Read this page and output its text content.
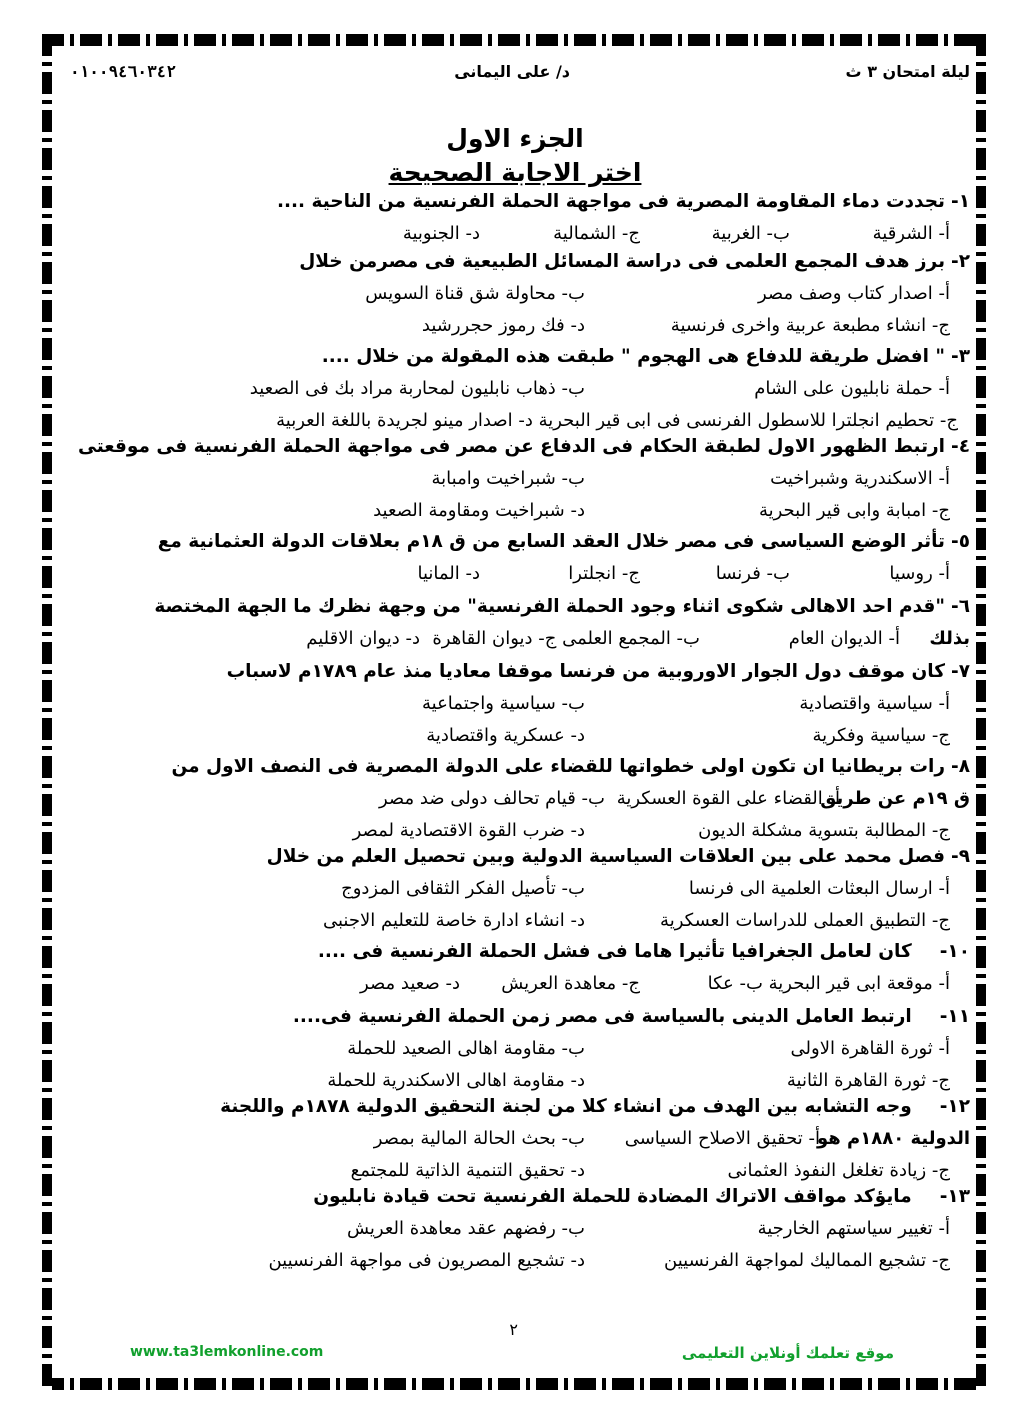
ليلة امتحان ٣ ث
د/ على اليمانى
٠١٠٠٩٤٦٠٣٤٢
الجزء الاول
اختر الاجابة الصحيحة
١-تجددت دماء المقاومة المصرية فى مواجهة الحملة الفرنسية من الناحية ....
أ- الشرقية
ب- الغربية
ج- الشمالية
د- الجنوبية
٢-برز هدف المجمع العلمى فى دراسة المسائل الطبيعية فى مصرمن خلال
أ- اصدار كتاب وصف مصر
ب- محاولة شق قناة السويس
ج- انشاء مطبعة عربية واخرى فرنسية
د- فك رموز حجررشيد
٣-" افضل طريقة للدفاع هى الهجوم " طبقت هذه المقولة من خلال ....
أ- حملة نابليون على الشام
ب- ذهاب نابليون لمحاربة مراد بك فى الصعيد
ج- تحطيم انجلترا للاسطول الفرنسى فى ابى قير البحرية د- اصدار مينو لجريدة باللغة العربية
٤-ارتبط الظهور الاول لطبقة الحكام فى الدفاع عن مصر فى مواجهة الحملة الفرنسية فى موقعتى
أ- الاسكندرية وشبراخيت
ب- شبراخيت وامبابة
ج- امبابة وابى قير البحرية
د- شبراخيت ومقاومة الصعيد
٥-تأثر الوضع السياسى فى مصر خلال العقد السابع من ق ١٨م بعلاقات الدولة العثمانية مع
أ- روسيا
ب- فرنسا
ج- انجلترا
د- المانيا
٦-"قدم احد الاهالى شكوى اثناء وجود الحملة الفرنسية" من وجهة نظرك ما الجهة المختصة
بذلك
أ- الديوان العام
ب- المجمع العلمى ج- ديوان القاهرة
د- ديوان الاقليم
٧-كان موقف دول الجوار الاوروبية من فرنسا موقفا معاديا منذ عام ١٧٨٩م لاسباب
أ- سياسية واقتصادية
ب- سياسية واجتماعية
ج- سياسية وفكرية
د- عسكرية واقتصادية
٨-رات بريطانيا ان تكون اولى خطواتها للقضاء على الدولة المصرية فى النصف الاول من
ق ١٩م عن طريق
أ- القضاء على القوة العسكرية
ب- قيام تحالف دولى ضد مصر
ج- المطالبة بتسوية مشكلة الديون
د- ضرب القوة الاقتصادية لمصر
٩-فصل محمد على بين العلاقات السياسية الدولية وبين تحصيل العلم من خلال
أ- ارسال البعثات العلمية الى فرنسا
ب- تأصيل الفكر الثقافى المزدوج
ج- التطبيق العملى للدراسات العسكرية
د- انشاء ادارة خاصة للتعليم الاجنبى
١٠-كان لعامل الجغرافيا تأثيرا هاما فى فشل الحملة الفرنسية فى ....
أ- موقعة ابى قير البحرية ب- عكا
ج- معاهدة العريش
د- صعيد مصر
١١-ارتبط العامل الدينى بالسياسة فى مصر زمن الحملة الفرنسية فى....
أ- ثورة القاهرة الاولى
ب- مقاومة اهالى الصعيد للحملة
ج- ثورة القاهرة الثانية
د- مقاومة اهالى الاسكندرية للحملة
١٢-وجه التشابه بين الهدف من انشاء كلا من لجنة التحقيق الدولية ١٨٧٨م واللجنة
الدولية ١٨٨٠م هو
أ- تحقيق الاصلاح السياسى
ب- بحث الحالة المالية بمصر
ج- زيادة تغلغل النفوذ العثمانى
د- تحقيق التنمية الذاتية للمجتمع
١٣-مايؤكد مواقف الاتراك المضادة للحملة الفرنسية تحت قيادة نابليون
أ- تغيير سياستهم الخارجية
ب- رفضهم عقد معاهدة العريش
ج- تشجيع المماليك لمواجهة الفرنسيين
د- تشجيع المصريون فى مواجهة الفرنسيين
٢
موقع تعلمك أونلاين التعليمى
www.ta3lemkonline.com
